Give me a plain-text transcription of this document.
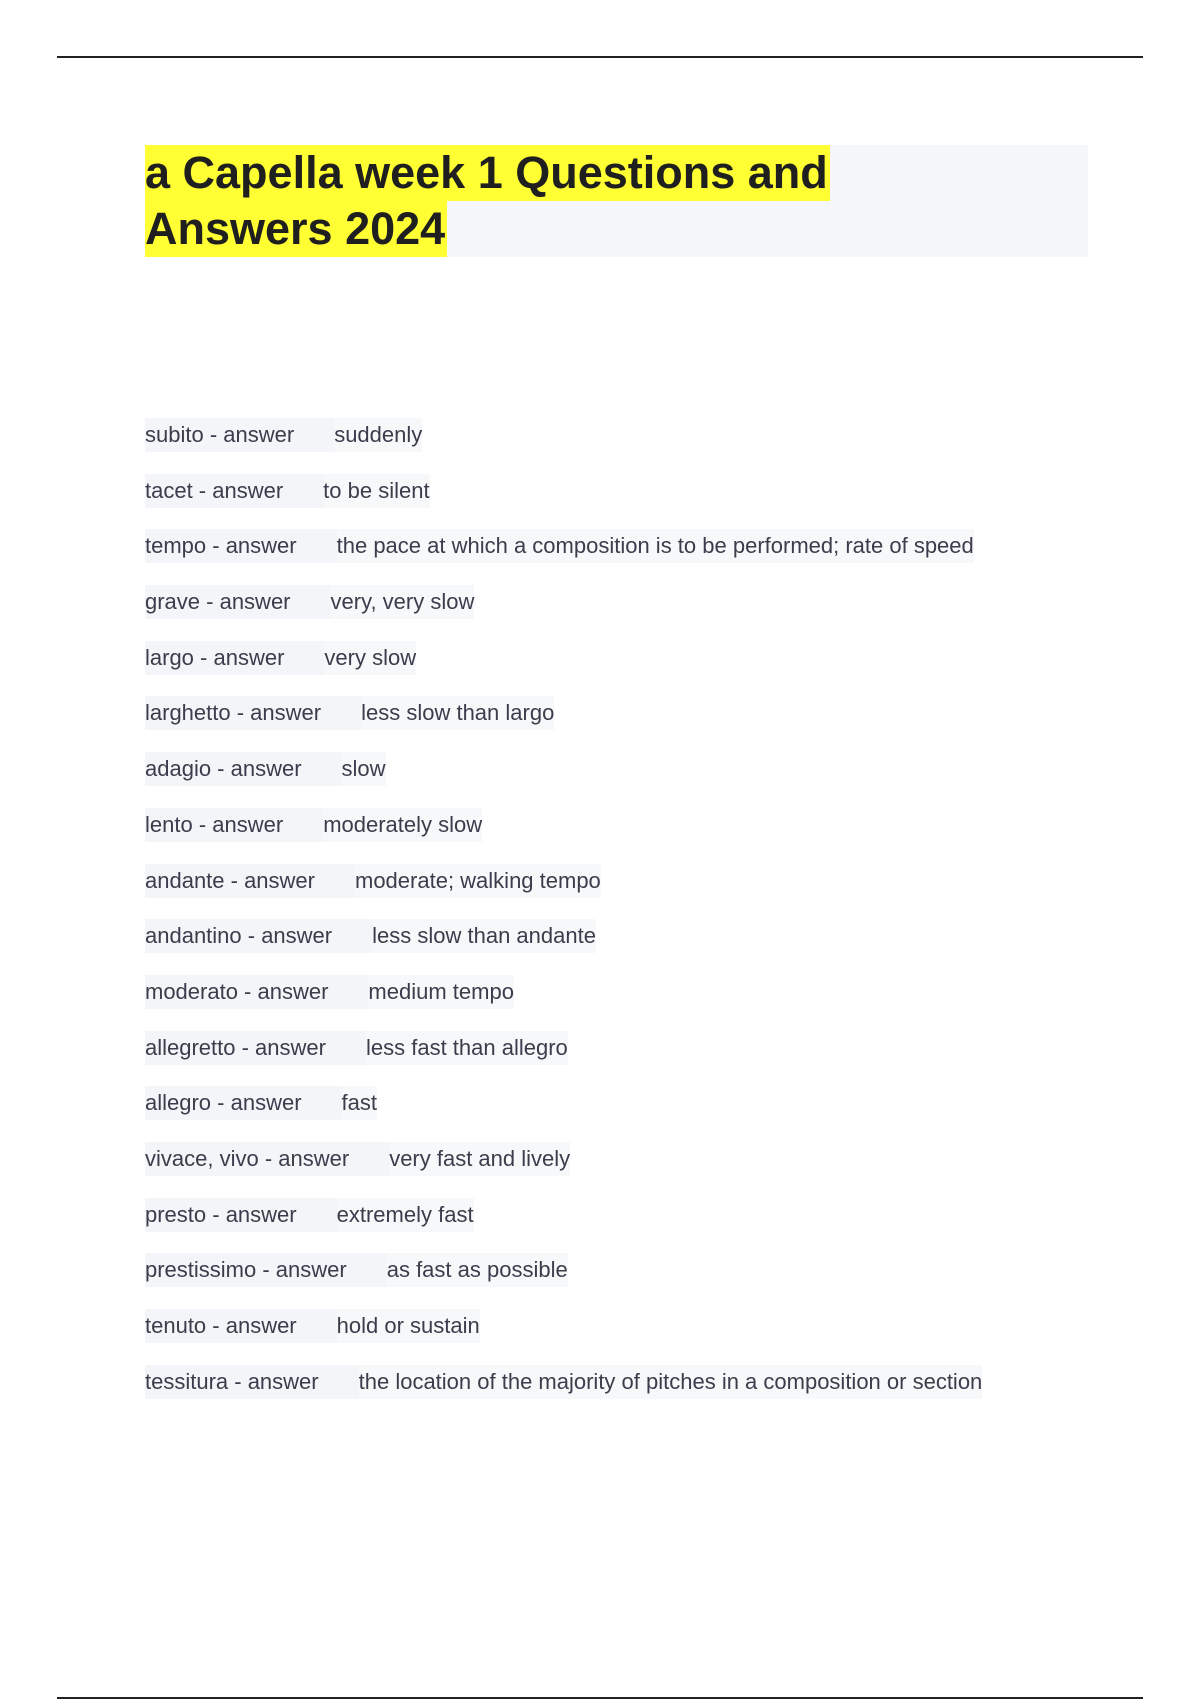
a Capella week 1 Questions and
Answers 2024
subito - answer suddenly
tacet - answer to be silent
tempo - answer the pace at which a composition is to be performed; rate of speed
grave - answer very, very slow
largo - answer very slow
larghetto - answer less slow than largo
adagio - answer slow
lento - answer moderately slow
andante - answer moderate; walking tempo
andantino - answer less slow than andante
moderato - answer medium tempo
allegretto - answer less fast than allegro
allegro - answer fast
vivace, vivo - answer very fast and lively
presto - answer extremely fast
prestissimo - answer as fast as possible
tenuto - answer hold or sustain
tessitura - answer the location of the majority of pitches in a composition or section
